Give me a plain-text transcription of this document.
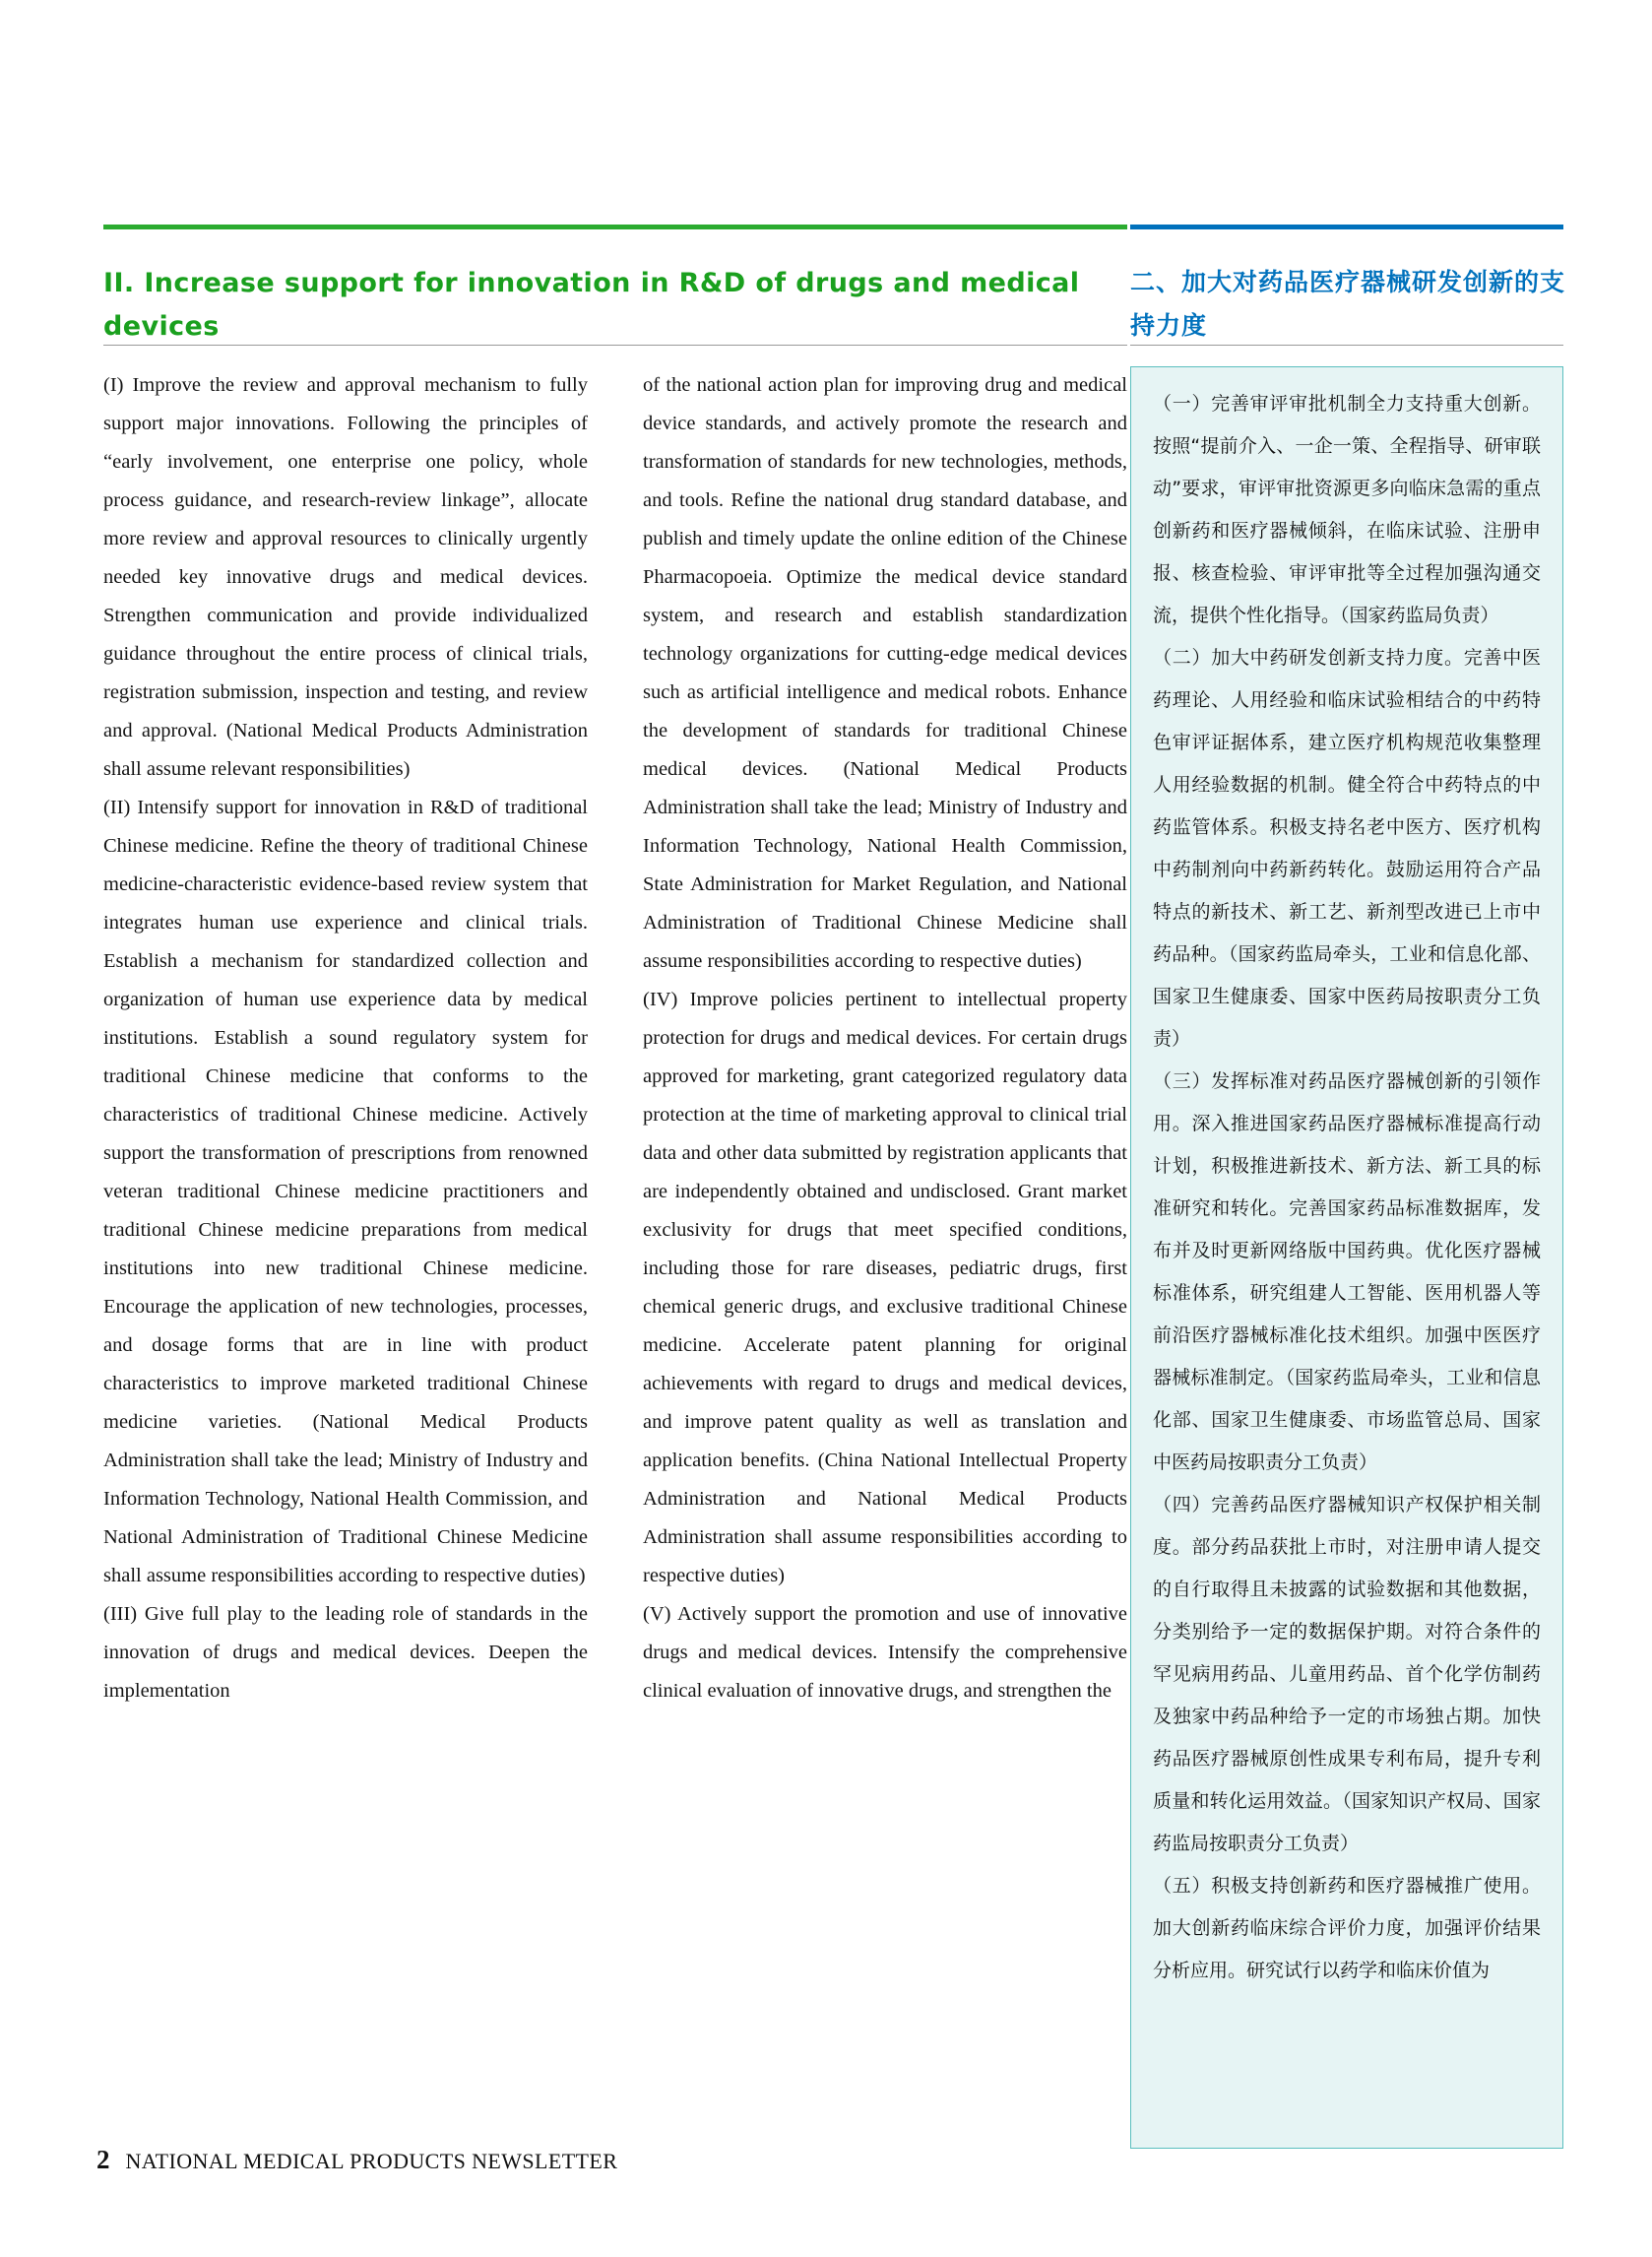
II. Increase support for innovation in R&D of drugs and medical devices
二、加大对药品医疗器械研发创新的支持力度

(I) Improve the review and approval mechanism to fully support major innovations. Following the principles of “early involvement, one enterprise one policy, whole process guidance, and research-review linkage”, allocate more review and approval resources to clinically urgently needed key innovative drugs and medical devices. Strengthen communication and provide individualized guidance throughout the entire process of clinical trials, registration submission, inspection and testing, and review and approval. (National Medical Products Administration shall assume relevant responsibilities)

(II) Intensify support for innovation in R&D of traditional Chinese medicine. Refine the theory of traditional Chinese medicine-characteristic evidence-based review system that integrates human use experience and clinical trials. Establish a mechanism for standardized collection and organization of human use experience data by medical institutions. Establish a sound regulatory system for traditional Chinese medicine that conforms to the characteristics of traditional Chinese medicine. Actively support the transformation of prescriptions from renowned veteran traditional Chinese medicine practitioners and traditional Chinese medicine preparations from medical institutions into new traditional Chinese medicine. Encourage the application of new technologies, processes, and dosage forms that are in line with product characteristics to improve marketed traditional Chinese medicine varieties. (National Medical Products Administration shall take the lead; Ministry of Industry and Information Technology, National Health Commission, and National Administration of Traditional Chinese Medicine shall assume responsibilities according to respective duties)

(III) Give full play to the leading role of standards in the innovation of drugs and medical devices. Deepen the implementation

of the national action plan for improving drug and medical device standards, and actively promote the research and transformation of standards for new technologies, methods, and tools. Refine the national drug standard database, and publish and timely update the online edition of the Chinese Pharmacopoeia. Optimize the medical device standard system, and research and establish standardization technology organizations for cutting-edge medical devices such as artificial intelligence and medical robots. Enhance the development of standards for traditional Chinese medical devices. (National Medical Products Administration shall take the lead; Ministry of Industry and Information Technology, National Health Commission, State Administration for Market Regulation, and National Administration of Traditional Chinese Medicine shall assume responsibilities according to respective duties)

(IV) Improve policies pertinent to intellectual property protection for drugs and medical devices. For certain drugs approved for marketing, grant categorized regulatory data protection at the time of marketing approval to clinical trial data and other data submitted by registration applicants that are independently obtained and undisclosed. Grant market exclusivity for drugs that meet specified conditions, including those for rare diseases, pediatric drugs, first chemical generic drugs, and exclusive traditional Chinese medicine. Accelerate patent planning for original achievements with regard to drugs and medical devices, and improve patent quality as well as translation and application benefits. (China National Intellectual Property Administration and National Medical Products Administration shall assume responsibilities according to respective duties)

(V) Actively support the promotion and use of innovative drugs and medical devices. Intensify the comprehensive clinical evaluation of innovative drugs, and strengthen the

（一）完善审评审批机制全力支持重大创新。按照“提前介入、一企一策、全程指导、研审联动”要求，审评审批资源更多向临床急需的重点创新药和医疗器械倾斜，在临床试验、注册申报、核查检验、审评审批等全过程加强沟通交流，提供个性化指导。（国家药监局负责）

（二）加大中药研发创新支持力度。完善中医药理论、人用经验和临床试验相结合的中药特色审评证据体系，建立医疗机构规范收集整理人用经验数据的机制。健全符合中药特点的中药监管体系。积极支持名老中医方、医疗机构中药制剂向中药新药转化。鼓励运用符合产品特点的新技术、新工艺、新剂型改进已上市中药品种。（国家药监局牵头，工业和信息化部、国家卫生健康委、国家中医药局按职责分工负责）

（三）发挥标准对药品医疗器械创新的引领作用。深入推进国家药品医疗器械标准提高行动计划，积极推进新技术、新方法、新工具的标准研究和转化。完善国家药品标准数据库，发布并及时更新网络版中国药典。优化医疗器械标准体系，研究组建人工智能、医用机器人等前沿医疗器械标准化技术组织。加强中医医疗器械标准制定。（国家药监局牵头，工业和信息化部、国家卫生健康委、市场监管总局、国家中医药局按职责分工负责）

（四）完善药品医疗器械知识产权保护相关制度。部分药品获批上市时，对注册申请人提交的自行取得且未披露的试验数据和其他数据，分类别给予一定的数据保护期。对符合条件的罕见病用药品、儿童用药品、首个化学仿制药及独家中药品种给予一定的市场独占期。加快药品医疗器械原创性成果专利布局，提升专利质量和转化运用效益。（国家知识产权局、国家药监局按职责分工负责）

（五）积极支持创新药和医疗器械推广使用。加大创新药临床综合评价力度，加强评价结果分析应用。研究试行以药学和临床价值为

2 NATIONAL MEDICAL PRODUCTS NEWSLETTER
